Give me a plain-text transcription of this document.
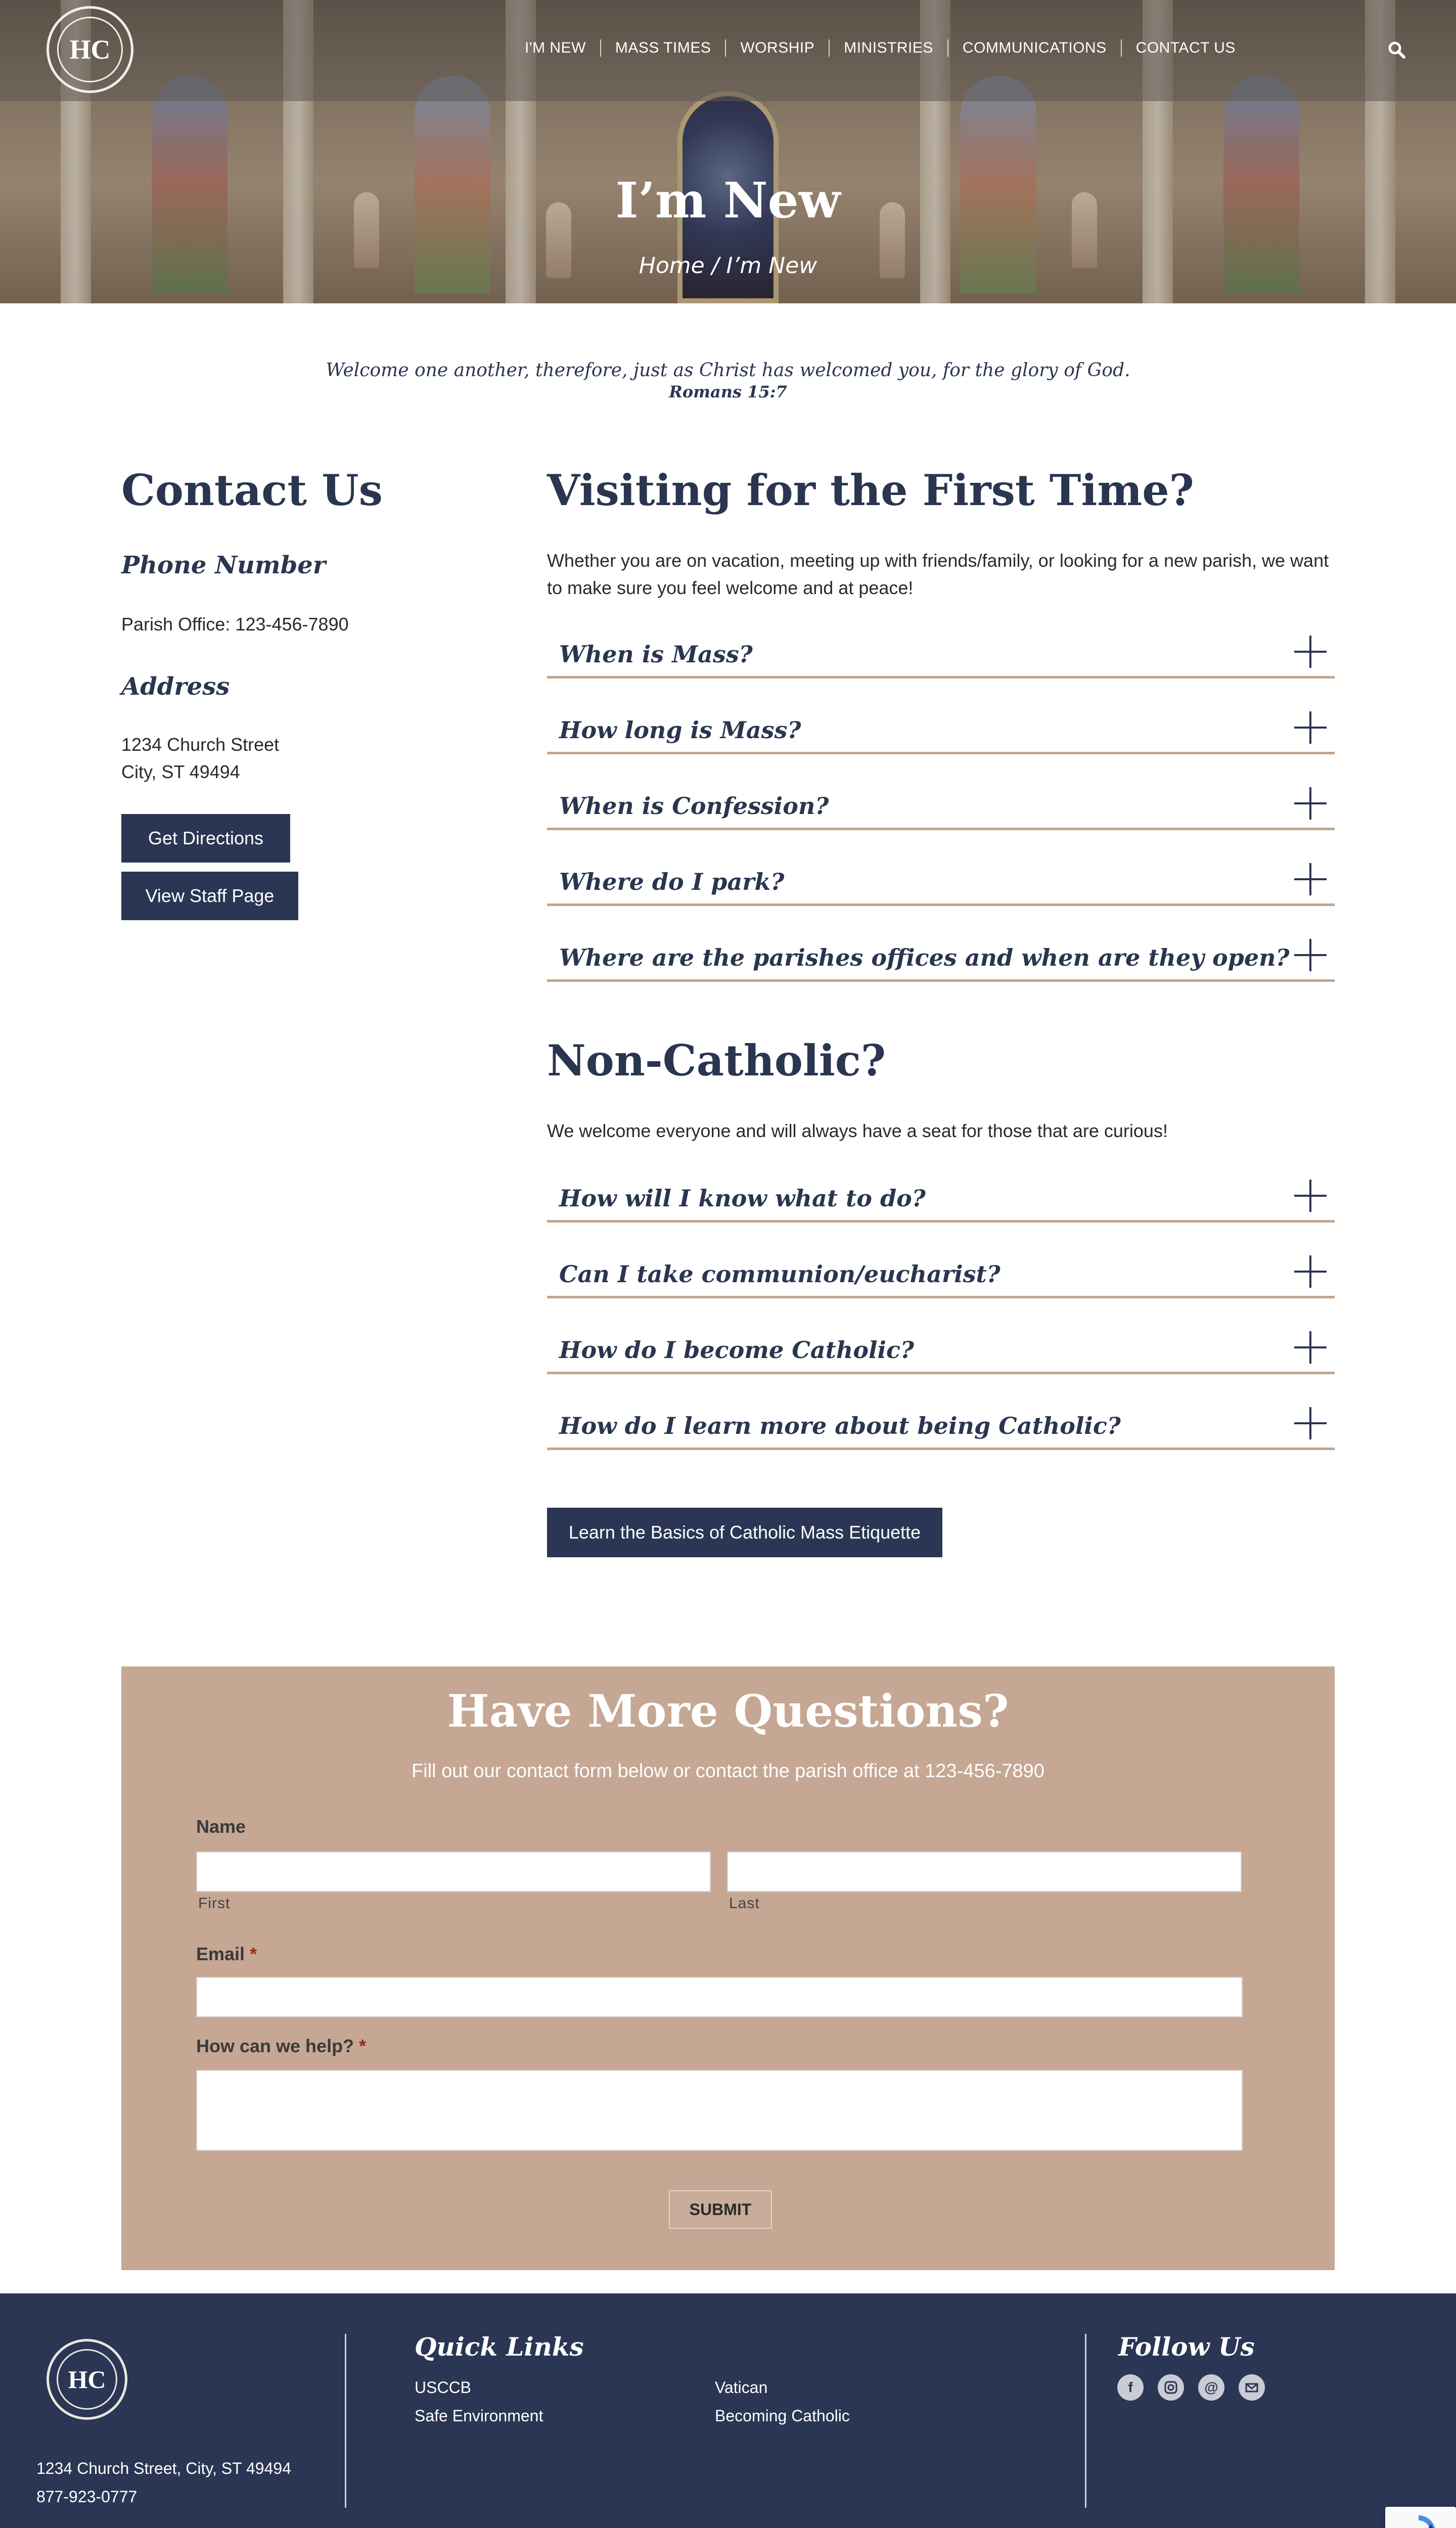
HC	I'M NEW	MASS TIMES	WORSHIP	MINISTRIES	COMMUNICATIONS	CONTACT US
I’m New
Home / I’m New
Welcome one another, therefore, just as Christ has welcomed you, for the glory of God.
Romans 15:7
Contact Us
Phone Number
Parish Office: 123-456-7890
Address
1234 Church Street
City, ST 49494
Get Directions
View Staff Page
Visiting for the First Time?

Whether you are on vacation, meeting up with friends/family, or looking for a new parish, we want to make sure you feel welcome and at peace!

When is Mass?
How long is Mass?
When is Confession?
Where do I park?
Where are the parishes offices and when are they open?
Non-Catholic?

We welcome everyone and will always have a seat for those that are curious!

How will I know what to do?
Can I take communion/eucharist?
How do I become Catholic?
How do I learn more about being Catholic?
Learn the Basics of Catholic Mass Etiquette
Have More Questions?
Fill out our contact form below or contact the parish office at 123-456-7890
Name
First	Last
Email *
How can we help? *
SUBMIT
HC
1234 Church Street, City, ST 49494
877-923-0777
Quick Links
USCCB
Safe Environment
Vatican
Becoming Catholic
Follow Us
f	@
